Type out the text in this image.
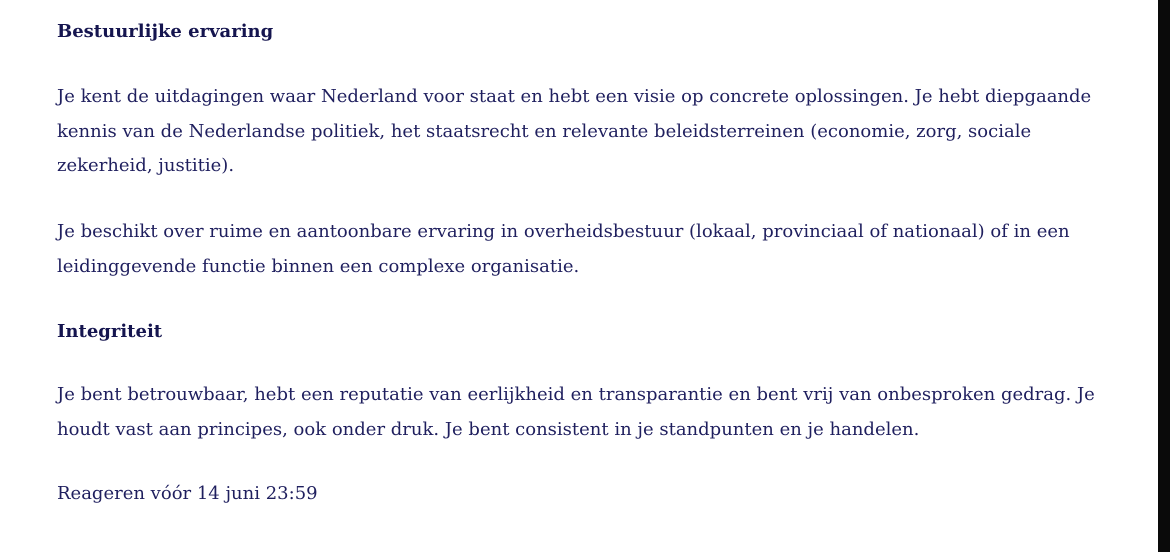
Bestuurlijke ervaring
Je kent de uitdagingen waar Nederland voor staat en hebt een visie op concrete oplossingen. Je hebt diepgaande kennis van de Nederlandse politiek, het staatsrecht en relevante beleidsterreinen (economie, zorg, sociale zekerheid, justitie).
Je beschikt over ruime en aantoonbare ervaring in overheidsbestuur (lokaal, provinciaal of nationaal) of in een leidinggevende functie binnen een complexe organisatie.
Integriteit
Je bent betrouwbaar, hebt een reputatie van eerlijkheid en transparantie en bent vrij van onbesproken gedrag. Je houdt vast aan principes, ook onder druk. Je bent consistent in je standpunten en je handelen.
Reageren vóór 14 juni 23:59
